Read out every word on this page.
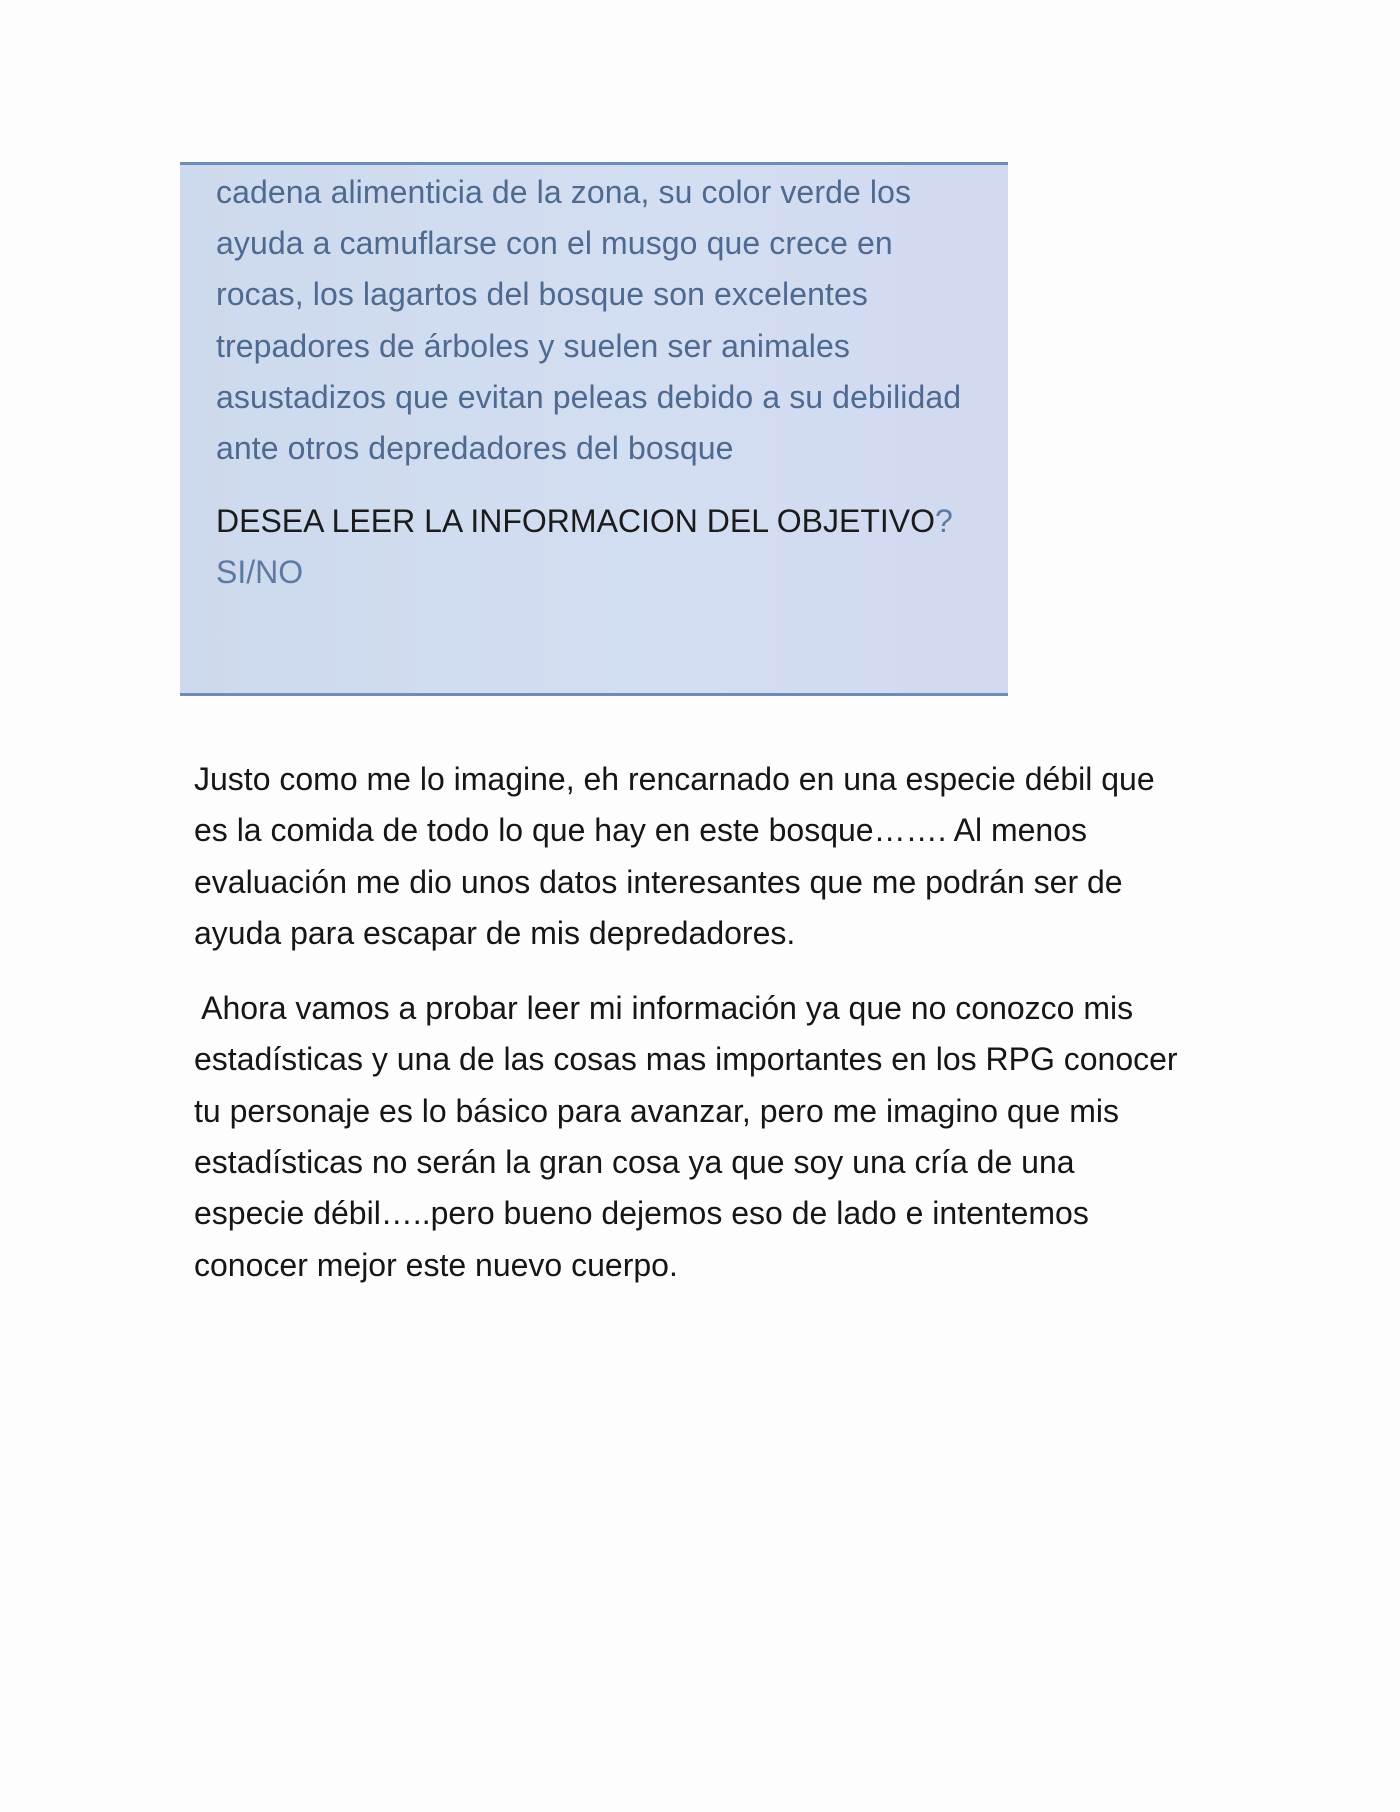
cadena alimenticia de la zona, su color verde los
ayuda a camuflarse con el musgo que crece en
rocas, los lagartos del bosque son excelentes
trepadores de árboles y suelen ser animales
asustadizos que evitan peleas debido a su debilidad
ante otros depredadores del bosque
DESEA LEER LA INFORMACION DEL OBJETIVO?
SI/NO
Justo como me lo imagine, eh rencarnado en una especie débil que
es la comida de todo lo que hay en este bosque……. Al menos
evaluación me dio unos datos interesantes que me podrán ser de
ayuda para escapar de mis depredadores.
Ahora vamos a probar leer mi información ya que no conozco mis
estadísticas y una de las cosas mas importantes en los RPG conocer
tu personaje es lo básico para avanzar, pero me imagino que mis
estadísticas no serán la gran cosa ya que soy una cría de una
especie débil…..pero bueno dejemos eso de lado e intentemos
conocer mejor este nuevo cuerpo.
